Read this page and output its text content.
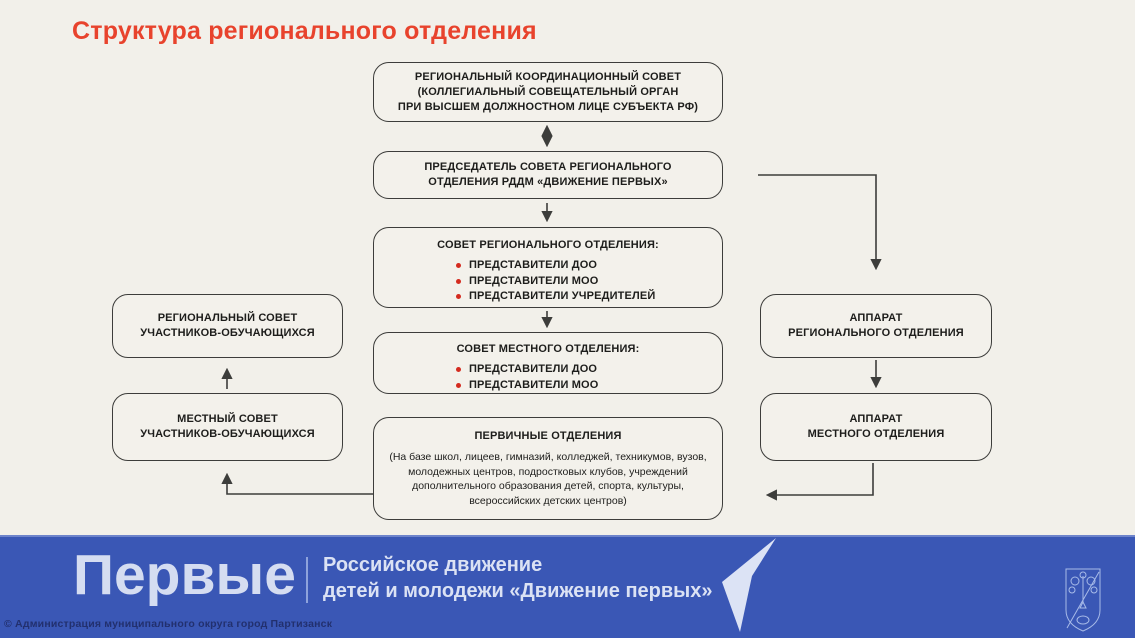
Структура регионального отделения
РЕГИОНАЛЬНЫЙ КООРДИНАЦИОННЫЙ СОВЕТ
(КОЛЛЕГИАЛЬНЫЙ СОВЕЩАТЕЛЬНЫЙ ОРГАН
ПРИ ВЫСШЕМ ДОЛЖНОСТНОМ ЛИЦЕ СУБЪЕКТА РФ)
ПРЕДСЕДАТЕЛЬ СОВЕТА РЕГИОНАЛЬНОГО
ОТДЕЛЕНИЯ РДДМ «ДВИЖЕНИЕ ПЕРВЫХ»
СОВЕТ РЕГИОНАЛЬНОГО ОТДЕЛЕНИЯ:
ПРЕДСТАВИТЕЛИ ДОО
ПРЕДСТАВИТЕЛИ МОО
ПРЕДСТАВИТЕЛИ УЧРЕДИТЕЛЕЙ
СОВЕТ МЕСТНОГО ОТДЕЛЕНИЯ:
ПРЕДСТАВИТЕЛИ ДОО
ПРЕДСТАВИТЕЛИ МОО
ПЕРВИЧНЫЕ ОТДЕЛЕНИЯ
(На базе школ, лицеев, гимназий, колледжей, техникумов, вузов, молодежных центров, подростковых клубов, учреждений дополнительного образования детей, спорта, культуры, всероссийских детских центров)
РЕГИОНАЛЬНЫЙ СОВЕТ
УЧАСТНИКОВ-ОБУЧАЮЩИХСЯ
МЕСТНЫЙ СОВЕТ
УЧАСТНИКОВ-ОБУЧАЮЩИХСЯ
АППАРАТ
РЕГИОНАЛЬНОГО ОТДЕЛЕНИЯ
АППАРАТ
МЕСТНОГО ОТДЕЛЕНИЯ
Первые Российское движение
детей и молодежи «Движение первых»
© Администрация муниципального округа город Партизанск
